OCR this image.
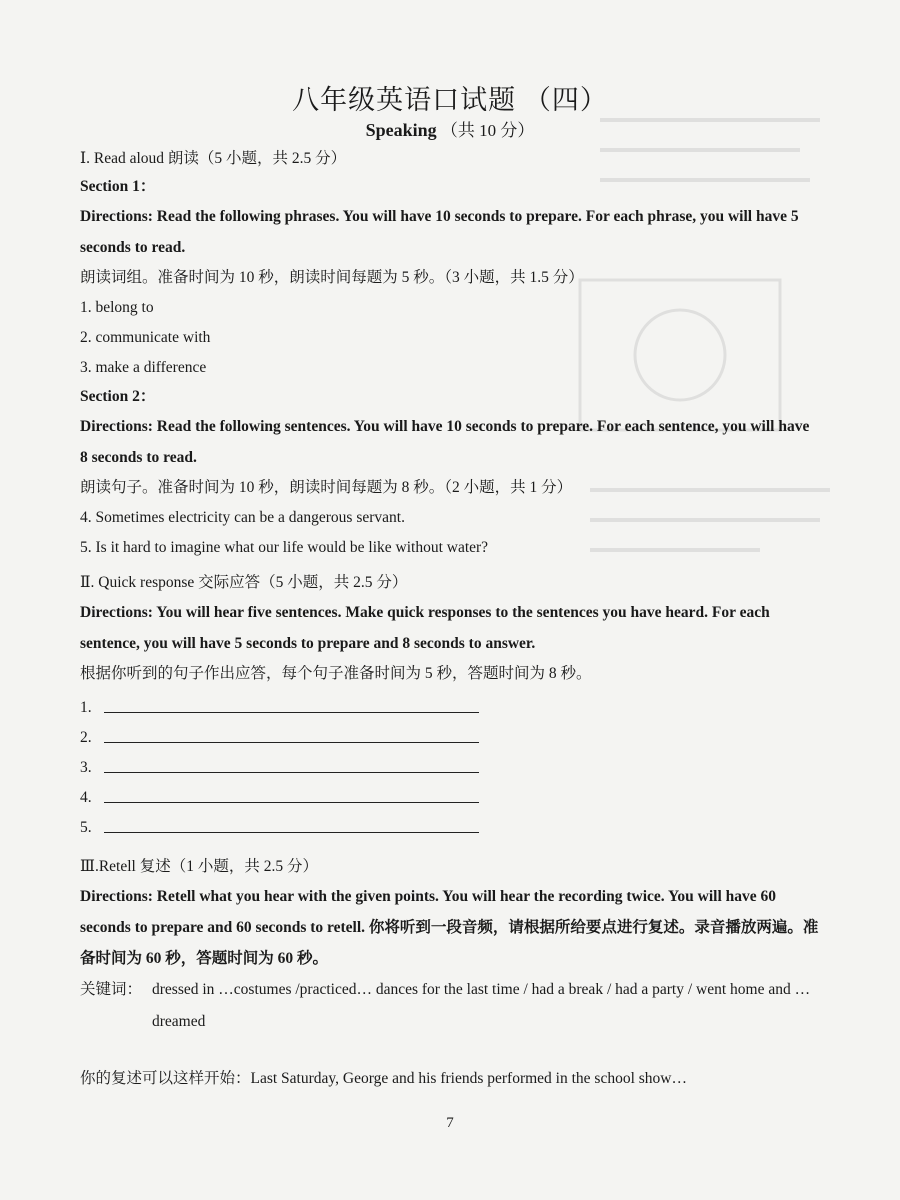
八年级英语口试题 （四）
Speaking （共 10 分）

Ⅰ. Read aloud 朗读（5 小题，共 2.5 分）

Section 1：

Directions: Read the following phrases. You will have 10 seconds to prepare. For each phrase, you will have 5 seconds to read.

朗读词组。准备时间为 10 秒，朗读时间每题为 5 秒。（3 小题，共 1.5 分）

1. belong to

2. communicate with

3. make a difference

Section 2：

Directions: Read the following sentences. You will have 10 seconds to prepare. For each sentence, you will have 8 seconds to read.

朗读句子。准备时间为 10 秒，朗读时间每题为 8 秒。（2 小题，共 1 分）

4. Sometimes electricity can be a dangerous servant.

5. Is it hard to imagine what our life would be like without water?

Ⅱ. Quick response 交际应答（5 小题，共 2.5 分）

Directions: You will hear five sentences. Make quick responses to the sentences you have heard. For each sentence, you will have 5 seconds to prepare and 8 seconds to answer.

根据你听到的句子作出应答，每个句子准备时间为 5 秒，答题时间为 8 秒。

1.
2.
3.
4.
5.

Ⅲ.Retell 复述（1 小题，共 2.5 分）

Directions: Retell what you hear with the given points. You will hear the recording twice. You will have 60 seconds to prepare and 60 seconds to retell. 你将听到一段音频，请根据所给要点进行复述。录音播放两遍。准备时间为 60 秒，答题时间为 60 秒。

关键词： dressed in …costumes /practiced… dances for the last time / had a break / had a party / went home and …dreamed

你的复述可以这样开始：Last Saturday, George and his friends performed in the school show…

7
